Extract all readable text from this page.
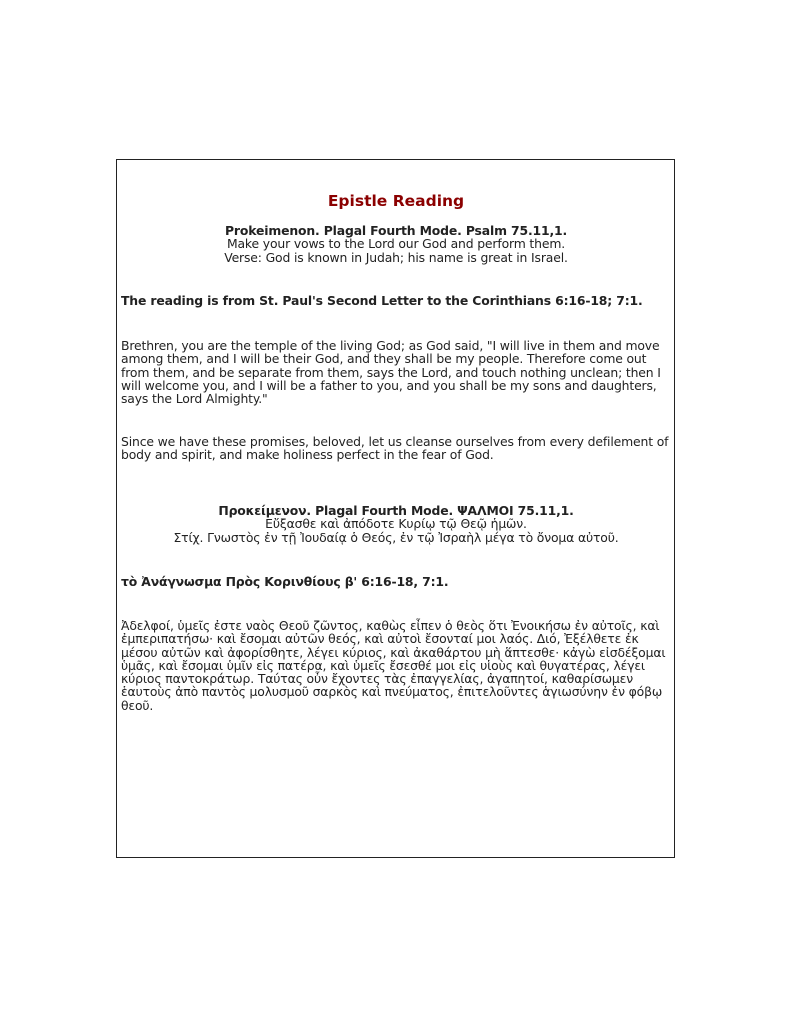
Epistle Reading
Prokeimenon. Plagal Fourth Mode. Psalm 75.11,1.
Make your vows to the Lord our God and perform them.
Verse: God is known in Judah; his name is great in Israel.
The reading is from St. Paul's Second Letter to the Corinthians 6:16-18; 7:1.

Brethren, you are the temple of the living God; as God said, "I will live in them and move among them, and I will be their God, and they shall be my people. Therefore come out from them, and be separate from them, says the Lord, and touch nothing unclean; then I will welcome you, and I will be a father to you, and you shall be my sons and daughters, says the Lord Almighty."

Since we have these promises, beloved, let us cleanse ourselves from every defilement of body and spirit, and make holiness perfect in the fear of God.

Προκείμενον. Plagal Fourth Mode. ΨΑΛΜΟΙ 75.11,1.
Εὔξασθε καὶ ἀπόδοτε Κυρίῳ τῷ Θεῷ ἡμῶν.
Στίχ. Γνωστὸς ἐν τῇ Ἰουδαίᾳ ὁ Θεός, ἐν τῷ Ἰσραὴλ μέγα τὸ ὄνομα αὐτοῦ.
τὸ Ἀνάγνωσμα Πρὸς Κορινθίους β' 6:16-18, 7:1.

Ἀδελφοί, ὑμεῖς ἐστε ναὸς Θεοῦ ζῶντος, καθὼς εἶπεν ὁ θεὸς ὅτι Ἐνοικήσω ἐν αὐτοῖς, καὶ ἐμπεριπατήσω· καὶ ἔσομαι αὐτῶν θεός, καὶ αὐτοὶ ἔσονταί μοι λαός. Διό, Ἐξέλθετε ἐκ μέσου αὐτῶν καὶ ἀφορίσθητε, λέγει κύριος, καὶ ἀκαθάρτου μὴ ἅπτεσθε· κἀγὼ εἰσδέξομαι ὑμᾶς, καὶ ἔσομαι ὑμῖν εἰς πατέρα, καὶ ὑμεῖς ἔσεσθέ μοι εἰς υἱοὺς καὶ θυγατέρας, λέγει κύριος παντοκράτωρ. Ταύτας οὖν ἔχοντες τὰς ἐπαγγελίας, ἀγαπητοί, καθαρίσωμεν ἑαυτοὺς ἀπὸ παντὸς μολυσμοῦ σαρκὸς καὶ πνεύματος, ἐπιτελοῦντες ἁγιωσύνην ἐν φόβῳ θεοῦ.
